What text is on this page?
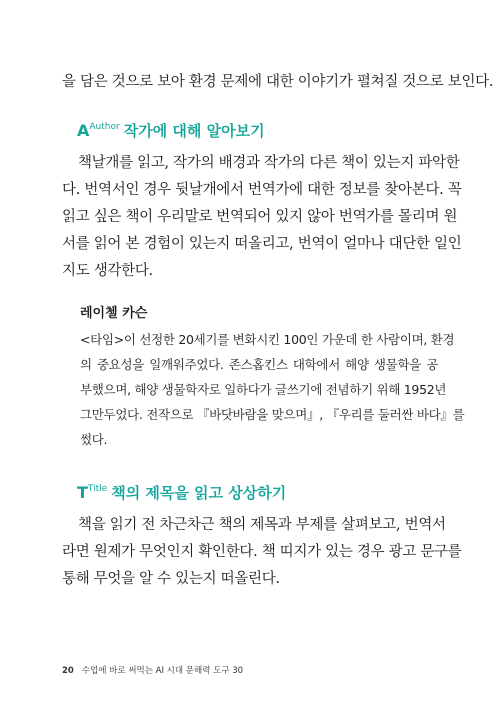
을 담은 것으로 보아 환경 문제에 대한 이야기가 펼쳐질 것으로 보인다.
$A^{Author}$ 작가에 대해 알아보기
책날개를 읽고, 작가의 배경과 작가의 다른 책이 있는지 파악한
다. 번역서인 경우 뒷날개에서 번역가에 대한 정보를 찾아본다. 꼭
읽고 싶은 책이 우리말로 번역되어 있지 않아 번역가를 몰리며 원
서를 읽어 본 경험이 있는지 떠올리고, 번역이 얼마나 대단한 일인
지도 생각한다.
레이첼 카슨
<타임>이 선정한 20세기를 변화시킨 100인 가운데 한 사람이며, 환경
의 중요성을 일깨워주었다. 존스홉킨스 대학에서 해양 생물학을 공
부했으며, 해양 생물학자로 일하다가 글쓰기에 전념하기 위해 1952년
그만두었다. 전작으로 『바닷바람을 맞으며』, 『우리를 둘러싼 바다』를
썼다.
$T^{Title}$ 책의 제목을 읽고 상상하기
책을 읽기 전 차근차근 책의 제목과 부제를 살펴보고, 번역서
라면 원제가 무엇인지 확인한다. 책 띠지가 있는 경우 광고 문구를
통해 무엇을 알 수 있는지 떠올린다.
20 수업에 바로 써먹는 AI 시대 문해력 도구 30
